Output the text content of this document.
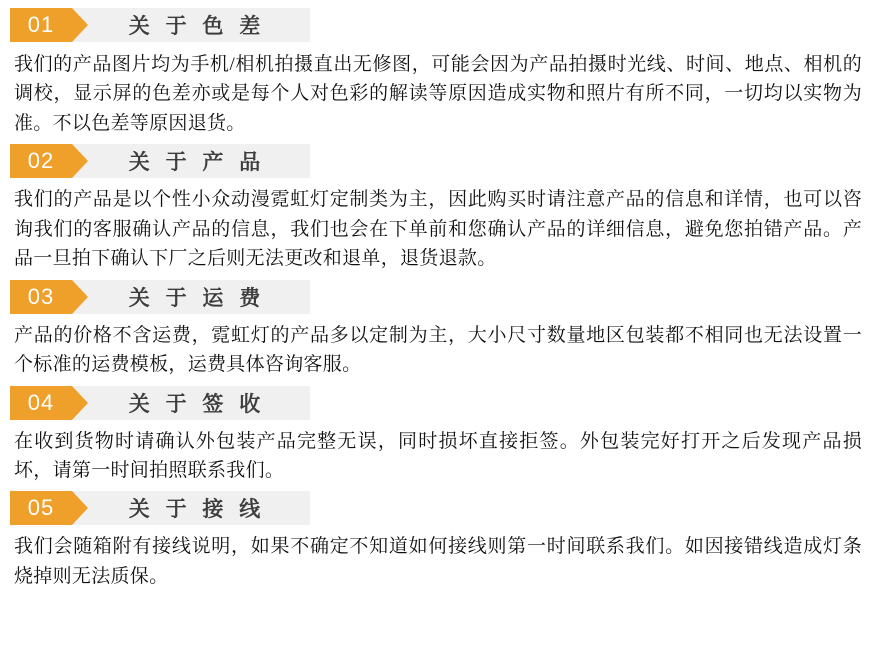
01	关 于 色 差
我们的产品图片均为手机/相机拍摄直出无修图，可能会因为产品拍摄时光线、时间、地点、相机的调校，显示屏的色差亦或是每个人对色彩的解读等原因造成实物和照片有所不同，一切均以实物为准。不以色差等原因退货。
02	关 于 产 品
我们的产品是以个性小众动漫霓虹灯定制类为主，因此购买时请注意产品的信息和详情，也可以咨询我们的客服确认产品的信息，我们也会在下单前和您确认产品的详细信息，避免您拍错产品。产品一旦拍下确认下厂之后则无法更改和退单，退货退款。
03	关 于 运 费
产品的价格不含运费，霓虹灯的产品多以定制为主，大小尺寸数量地区包装都不相同也无法设置一个标准的运费模板，运费具体咨询客服。
04	关 于 签 收
在收到货物时请确认外包装产品完整无误，同时损坏直接拒签。外包装完好打开之后发现产品损坏，请第一时间拍照联系我们。
05	关 于 接 线
我们会随箱附有接线说明，如果不确定不知道如何接线则第一时间联系我们。如因接错线造成灯条烧掉则无法质保。
